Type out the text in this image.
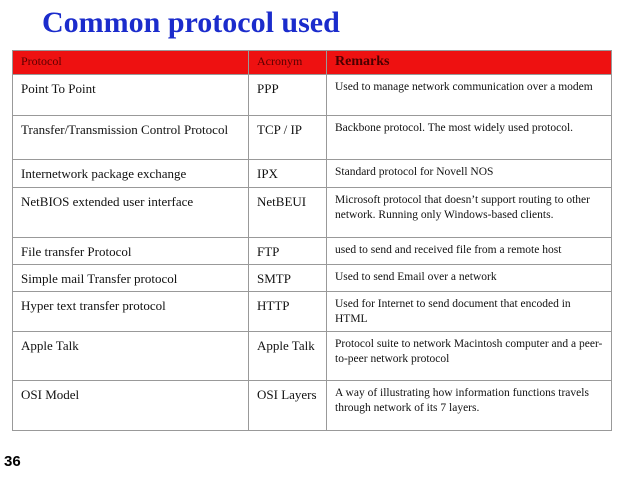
Common protocol used
Protocol	Acronym	Remarks
Point To Point	PPP	Used to manage network communication over a modem
Transfer/Transmission Control Protocol	TCP / IP	Backbone protocol. The most widely used protocol.
Internetwork package exchange	IPX	Standard protocol for Novell NOS
NetBIOS extended user interface	NetBEUI	Microsoft protocol that doesn’t support routing to other network. Running only Windows-based clients.
File transfer Protocol	FTP	used to send and received file from a remote host
Simple mail Transfer protocol	SMTP	Used to send Email over a network
Hyper text transfer protocol	HTTP	Used for Internet to send document that encoded in HTML
Apple Talk	Apple Talk	Protocol suite to network Macintosh computer and a peer-to-peer network protocol
OSI Model	OSI Layers	A way of illustrating how information functions travels through network of its 7 layers.
36
